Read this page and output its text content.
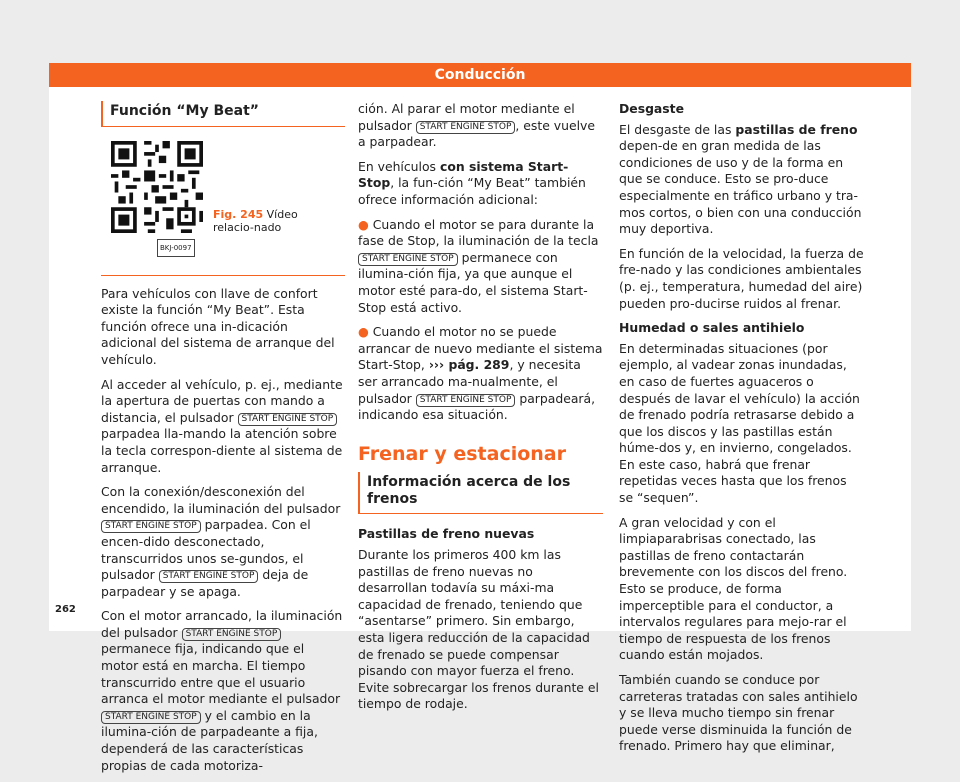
Conducción
Función “My Beat”
BKJ-0097
Fig. 245 Vídeo relacio-nado

Para vehículos con llave de confort existe la función “My Beat”. Esta función ofrece una in-dicación adicional del sistema de arranque del vehículo.

Al acceder al vehículo, p. ej., mediante la apertura de puertas con mando a distancia, el pulsador START ENGINE STOP parpadea lla-mando la atención sobre la tecla correspon-diente al sistema de arranque.

Con la conexión/desconexión del encendido, la iluminación del pulsador START ENGINE STOP parpadea. Con el encen-dido desconectado, transcurridos unos se-gundos, el pulsador START ENGINE STOP deja de parpadear y se apaga.

Con el motor arrancado, la iluminación del pulsador START ENGINE STOP permanece fija, indicando que el motor está en marcha. El tiempo transcurrido entre que el usuario arranca el motor mediante el pulsador START ENGINE STOP y el cambio en la ilumina-ción de parpadeante a fija, dependerá de las características propias de cada motoriza-

ción. Al parar el motor mediante el pulsador START ENGINE STOP , este vuelve a parpadear.

En vehículos con sistema Start-Stop, la fun-ción “My Beat” también ofrece información adicional:

● Cuando el motor se para durante la fase de Stop, la iluminación de la tecla START ENGINE STOP permanece con ilumina-ción fija, ya que aunque el motor esté para-do, el sistema Start-Stop está activo.

● Cuando el motor no se puede arrancar de nuevo mediante el sistema Start-Stop, ››› pág. 289, y necesita ser arrancado ma-nualmente, el pulsador START ENGINE STOP parpadeará, indicando esa situación.

Frenar y estacionar
Información acerca de los frenos

Pastillas de freno nuevas

Durante los primeros 400 km las pastillas de freno nuevas no desarrollan todavía su máxi-ma capacidad de frenado, teniendo que “asentarse” primero. Sin embargo, esta ligera reducción de la capacidad de frenado se puede compensar pisando con mayor fuerza el freno. Evite sobrecargar los frenos durante el tiempo de rodaje.

Desgaste

El desgaste de las pastillas de freno depen-de en gran medida de las condiciones de uso y de la forma en que se conduce. Esto se pro-duce especialmente en tráfico urbano y tra-mos cortos, o bien con una conducción muy deportiva.

En función de la velocidad, la fuerza de fre-nado y las condiciones ambientales (p. ej., temperatura, humedad del aire) pueden pro-ducirse ruidos al frenar.

Humedad o sales antihielo

En determinadas situaciones (por ejemplo, al vadear zonas inundadas, en caso de fuertes aguaceros o después de lavar el vehículo) la acción de frenado podría retrasarse debido a que los discos y las pastillas están húme-dos y, en invierno, congelados. En este caso, habrá que frenar repetidas veces hasta que los frenos se “sequen”.

A gran velocidad y con el limpiaparabrisas conectado, las pastillas de freno contactarán brevemente con los discos del freno. Esto se produce, de forma imperceptible para el conductor, a intervalos regulares para mejo-rar el tiempo de respuesta de los frenos cuando están mojados.

También cuando se conduce por carreteras tratadas con sales antihielo y se lleva mucho tiempo sin frenar puede verse disminuida la función de frenado. Primero hay que eliminar,

262
